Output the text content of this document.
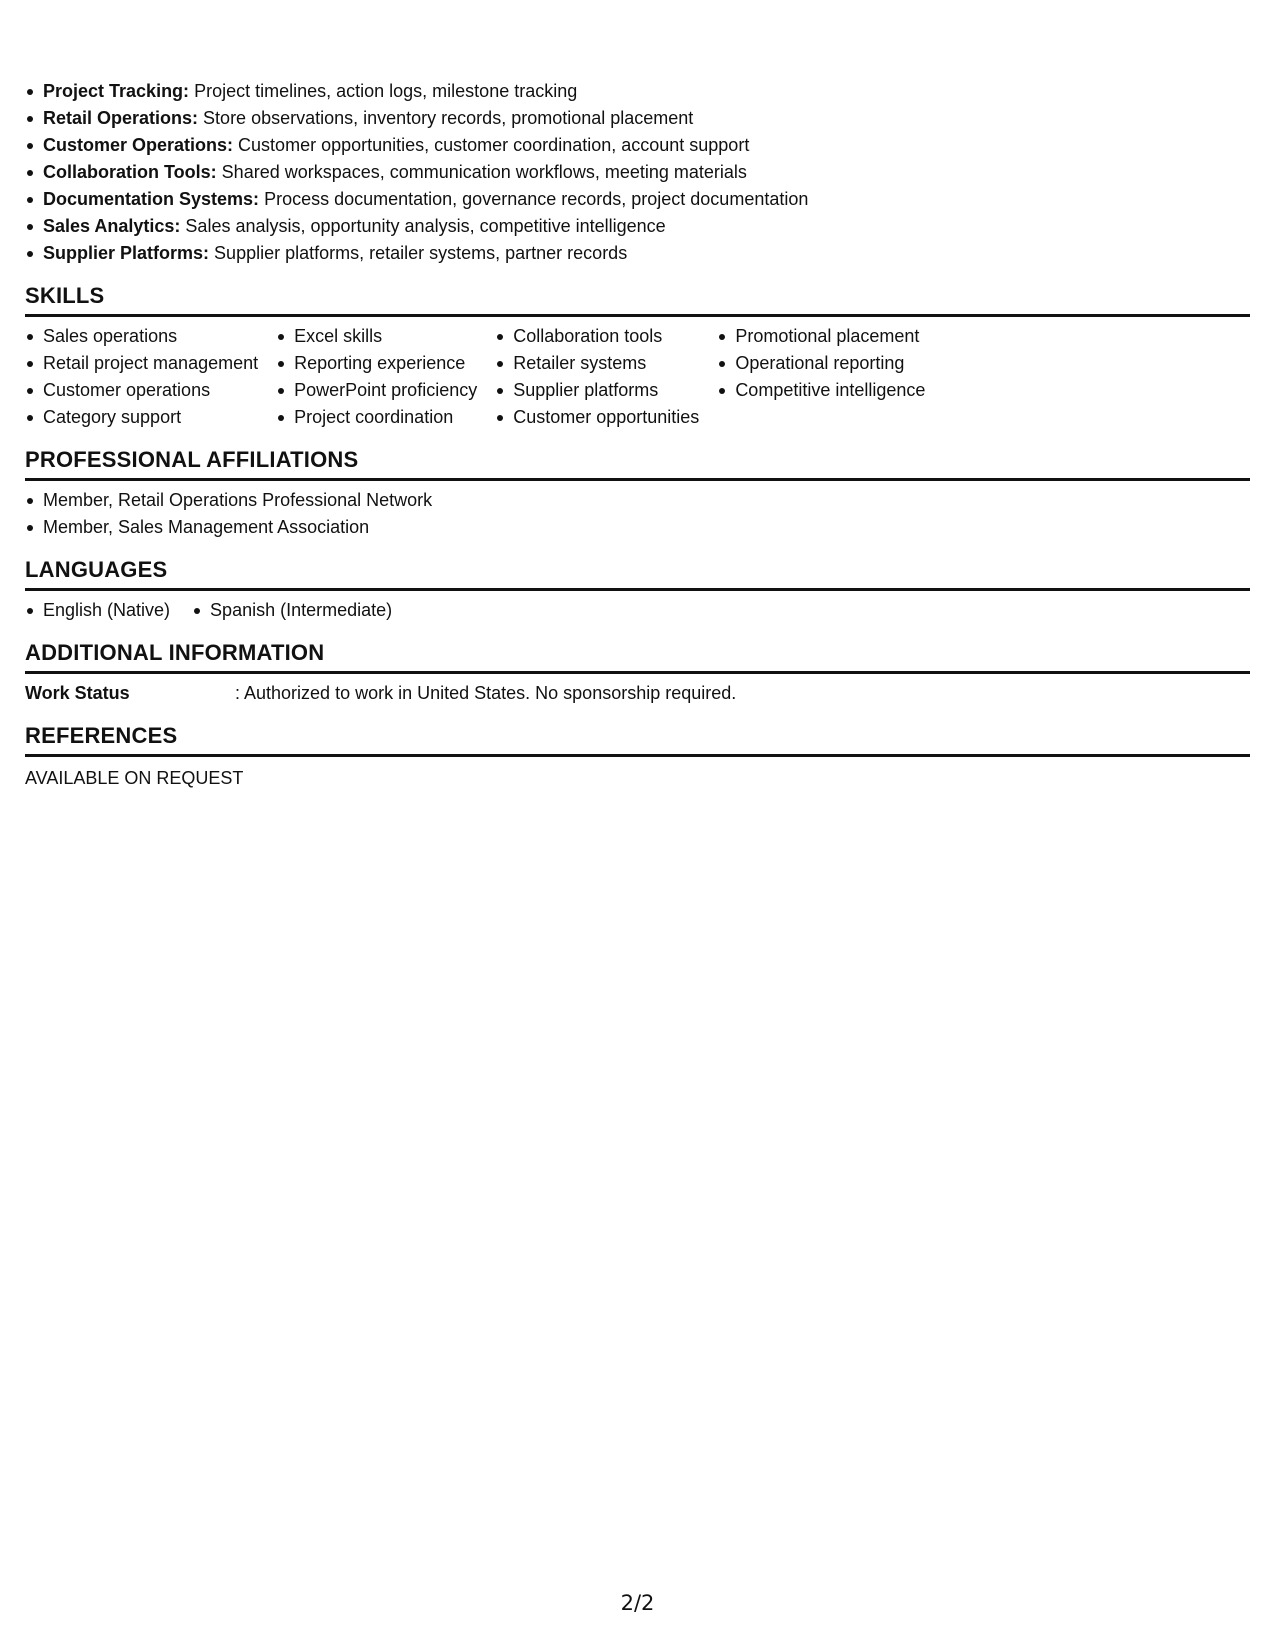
Project Tracking: Project timelines, action logs, milestone tracking
Retail Operations: Store observations, inventory records, promotional placement
Customer Operations: Customer opportunities, customer coordination, account support
Collaboration Tools: Shared workspaces, communication workflows, meeting materials
Documentation Systems: Process documentation, governance records, project documentation
Sales Analytics: Sales analysis, opportunity analysis, competitive intelligence
Supplier Platforms: Supplier platforms, retailer systems, partner records
SKILLS
Sales operations
Retail project management
Customer operations
Category support
Excel skills
Reporting experience
PowerPoint proficiency
Project coordination
Collaboration tools
Retailer systems
Supplier platforms
Customer opportunities
Promotional placement
Operational reporting
Competitive intelligence
PROFESSIONAL AFFILIATIONS
Member, Retail Operations Professional Network
Member, Sales Management Association
LANGUAGES
English (Native)	Spanish (Intermediate)
ADDITIONAL INFORMATION
Work Status	: Authorized to work in United States. No sponsorship required.
REFERENCES

AVAILABLE ON REQUEST

2/2
